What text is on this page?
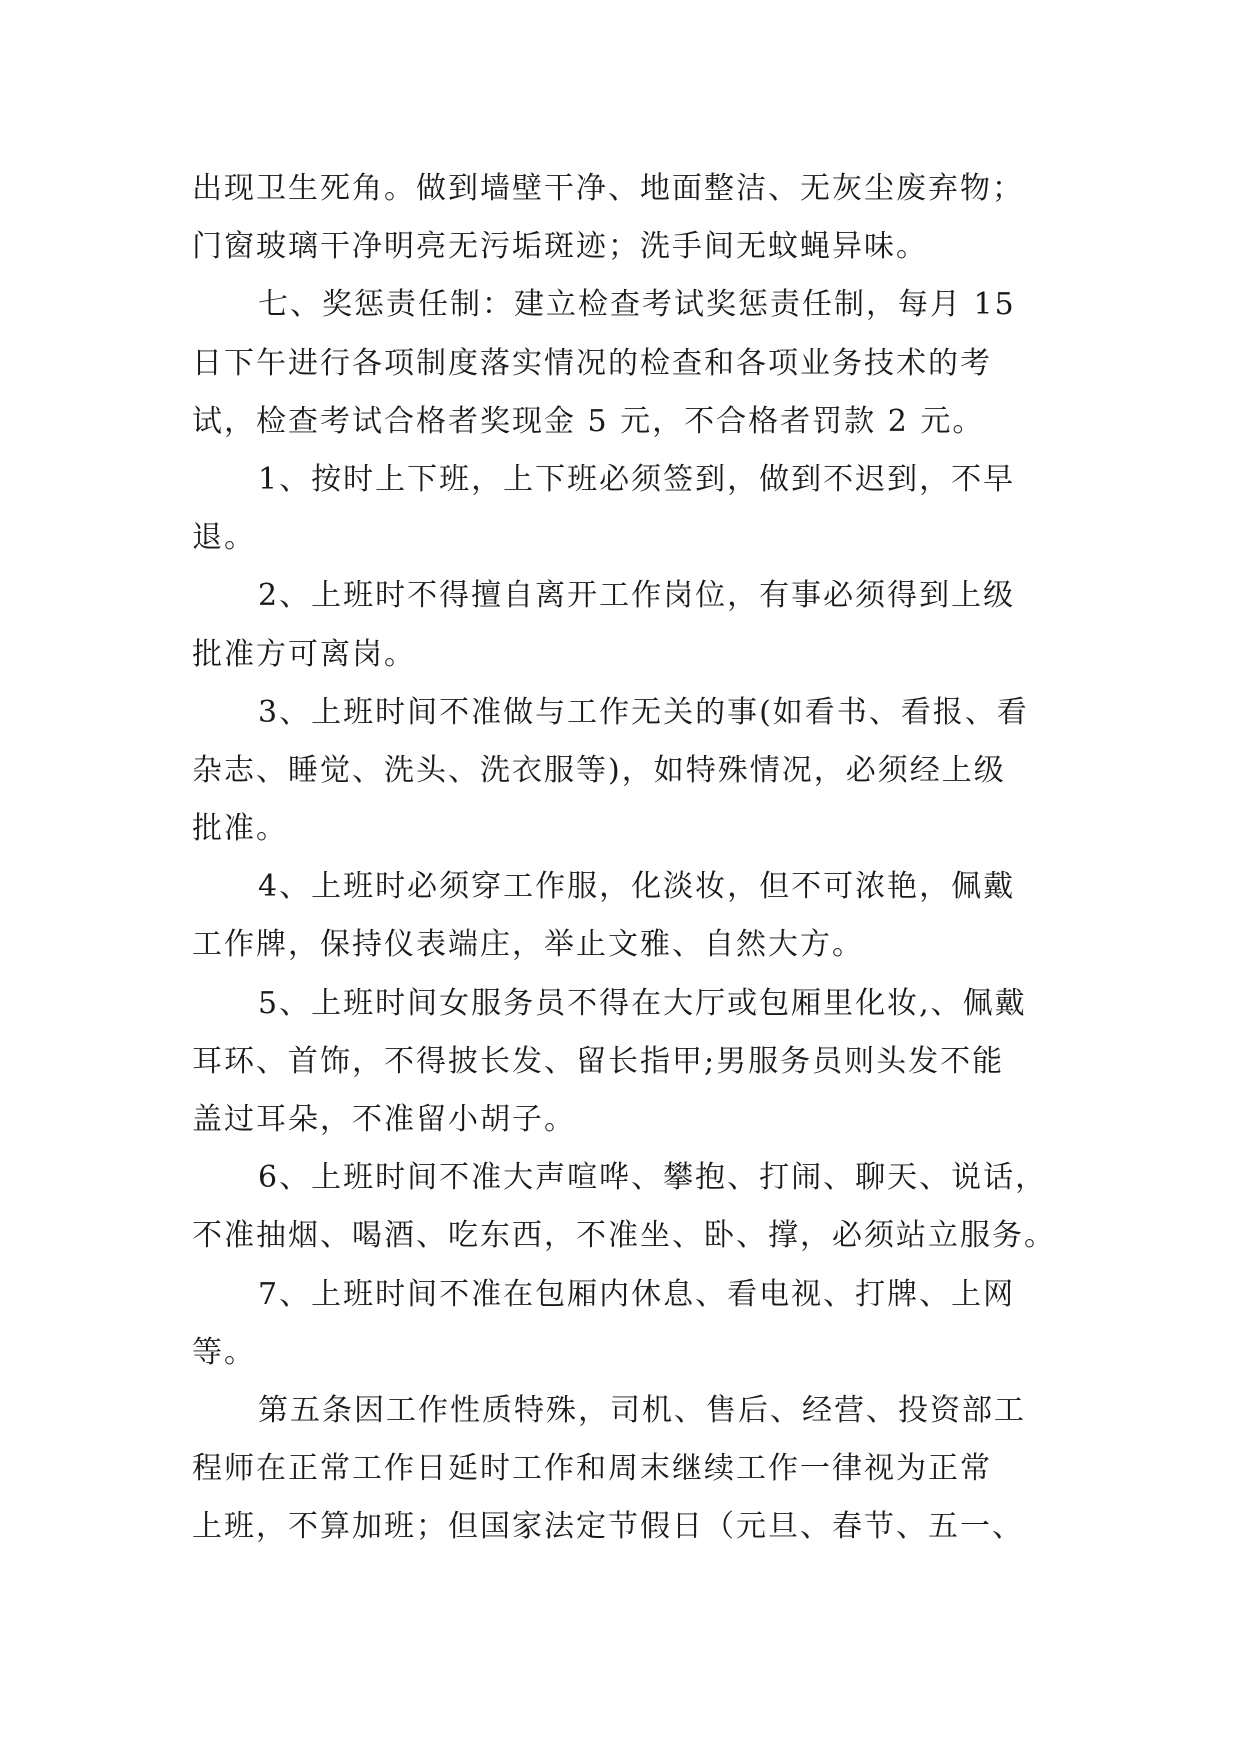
出现卫生死角。做到墙壁干净、地面整洁、无灰尘废弃物；
门窗玻璃干净明亮无污垢斑迹；洗手间无蚊蝇异味。
七、奖惩责任制：建立检查考试奖惩责任制，每月 15
日下午进行各项制度落实情况的检查和各项业务技术的考
试，检查考试合格者奖现金 5 元，不合格者罚款 2 元。
1、按时上下班，上下班必须签到，做到不迟到，不早
退。
2、上班时不得擅自离开工作岗位，有事必须得到上级
批准方可离岗。
3、上班时间不准做与工作无关的事(如看书、看报、看
杂志、睡觉、洗头、洗衣服等)，如特殊情况，必须经上级
批准。
4、上班时必须穿工作服，化淡妆，但不可浓艳，佩戴
工作牌，保持仪表端庄，举止文雅、自然大方。
5、上班时间女服务员不得在大厅或包厢里化妆,、佩戴
耳环、首饰，不得披长发、留长指甲;男服务员则头发不能
盖过耳朵，不准留小胡子。
6、上班时间不准大声喧哗、攀抱、打闹、聊天、说话，
不准抽烟、喝酒、吃东西，不准坐、卧、撑，必须站立服务。
7、上班时间不准在包厢内休息、看电视、打牌、上网
等。
第五条因工作性质特殊，司机、售后、经营、投资部工
程师在正常工作日延时工作和周末继续工作一律视为正常
上班，不算加班；但国家法定节假日（元旦、春节、五一、
